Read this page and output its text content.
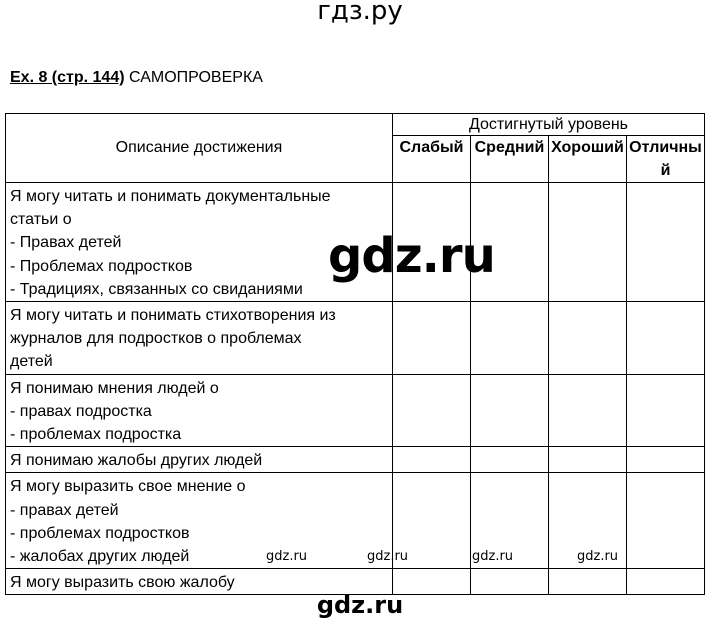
гдз.ру
Ex. 8 (стр. 144) САМОПРОВЕРКА
Описание достижения	Достигнутый уровень			
	Слабый	Средний	Хороший	Отличный

Я могу читать и понимать документальные
статьи о
- Правах детей
- Проблемах подростков
- Традициях, связанных со свиданиями				

Я могу читать и понимать стихотворения из
журналов для подростков о проблемах
детей				

Я понимаю мнения людей о
- правах подростка
- проблемах подростка				

Я понимаю жалобы других людей				

Я могу выразить свое мнение о
- правах детей
- проблемах подростков
- жалобах других людей				

Я могу выразить свою жалобу				

gdz.ru
gdz.ru	gdz.ru	gdz.ru	gdz.ru
gdz.ru
